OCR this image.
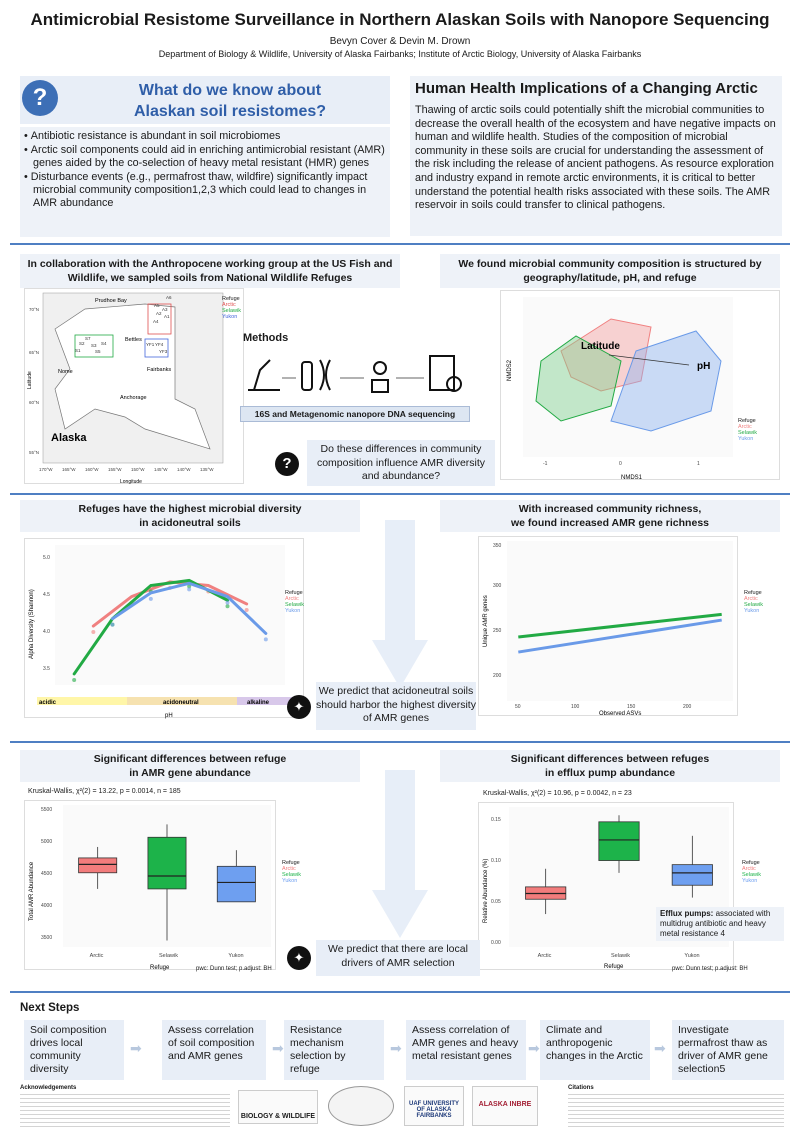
Antimicrobial Resistome Surveillance in Northern Alaskan Soils with Nanopore Sequencing
Bevyn Cover & Devin M. Drown
Department of Biology & Wildlife, University of Alaska Fairbanks; Institute of Arctic Biology, University of Alaska Fairbanks
?	What do we know about
Alaskan soil resistomes?
• Antibiotic resistance is abundant in soil microbiomes
• Arctic soil components could aid in enriching antimicrobial resistant (AMR) genes aided by the co-selection of heavy metal resistant (HMR) genes
• Disturbance events (e.g., permafrost thaw, wildfire) significantly impact microbial community composition1,2,3 which could lead to changes in AMR abundance
Human Health Implications of a Changing Arctic
Thawing of arctic soils could potentially shift the microbial communities to decrease the overall health of the ecosystem and have negative impacts on human and wildlife health. Studies of the composition of microbial community in these soils are crucial for understanding the assessment of the risk including the release of ancient pathogens. As resource exploration and industry expand in remote arctic environments, it is critical to better understand the potential health risks associated with these soils. The AMR reservoir in soils could transfer to clinical pathogens.
In collaboration with the Anthropocene working group at the US Fish and Wildlife, we sampled soils from National Wildlife Refuges
We found microbial community composition is structured by geography/latitude, pH, and refuge
Prudhoe Bay
Bettles
Nome	Fairbanks
Anchorage
Alaska
A6
A5
A3
A2
A1
A4
S7
S2 S3 S4
S1	S5
YF1 YF4
YF3
Latitude
Longitude
170°W 165°W 160°W 155°W 150°W 145°W 140°W 135°W
70°N
65°N
60°N
55°N
Refuge
Arctic
Selawik
Yukon
Methods
16S and Metagenomic nanopore DNA sequencing
?
Do these differences in community composition influence AMR diversity and abundance?
Latitude
pH
NMDS1
NMDS2
-1	0	1
Refuge
Arctic
Selawik
Yukon
Refuges have the highest microbial diversity
in acidoneutral soils
With increased community richness,
we found increased AMR gene richness
acidic	acidoneutral	alkaline
pH
Alpha Diversity (Shannon)
5.0
4.5
4.0
3.5
Refuge
Arctic
Selawik
Yukon
Observed ASVs
Unique AMR genes
350
300
250
200
50	100	150	200
Refuge
Arctic
Selawik
Yukon
✦
We predict that acidoneutral soils should harbor the highest diversity of AMR genes
Significant differences between refuge
in AMR gene abundance
Significant differences between refuges
in efflux pump abundance
Kruskal-Wallis, χ²(2) = 13.22, p = 0.0014, n = 185
Total AMR Abundance
Refuge
5500
5000
4500
4000
3500
Arctic	Selawik	Yukon
Refuge
Arctic
Selawik
Yukon
pwc: Dunn test; p.adjust: BH
Kruskal-Wallis, χ²(2) = 10.96, p = 0.0042, n = 23
Relative Abundance (%)
Refuge
0.15
0.10
0.05
0.00
Arctic	Selawik	Yukon
Refuge
Arctic
Selawik
Yukon
Efflux pumps: associated with multidrug antibiotic and heavy metal resistance 4
pwc: Dunn test; p.adjust: BH
✦
We predict that there are local drivers of AMR selection
Next Steps
Soil composition drives local community diversity
➡
Assess correlation of soil composition and AMR genes	➡
Resistance mechanism selection by refuge
➡
Assess correlation of AMR genes and heavy metal resistant genes	➡
Climate and anthropogenic changes in the Arctic ➡
Investigate permafrost thaw as driver of AMR gene selection5
Acknowledgements
BIOLOGY & WILDLIFE
UAF UNIVERSITY OF ALASKA FAIRBANKS
ALASKA INBRE
Citations
